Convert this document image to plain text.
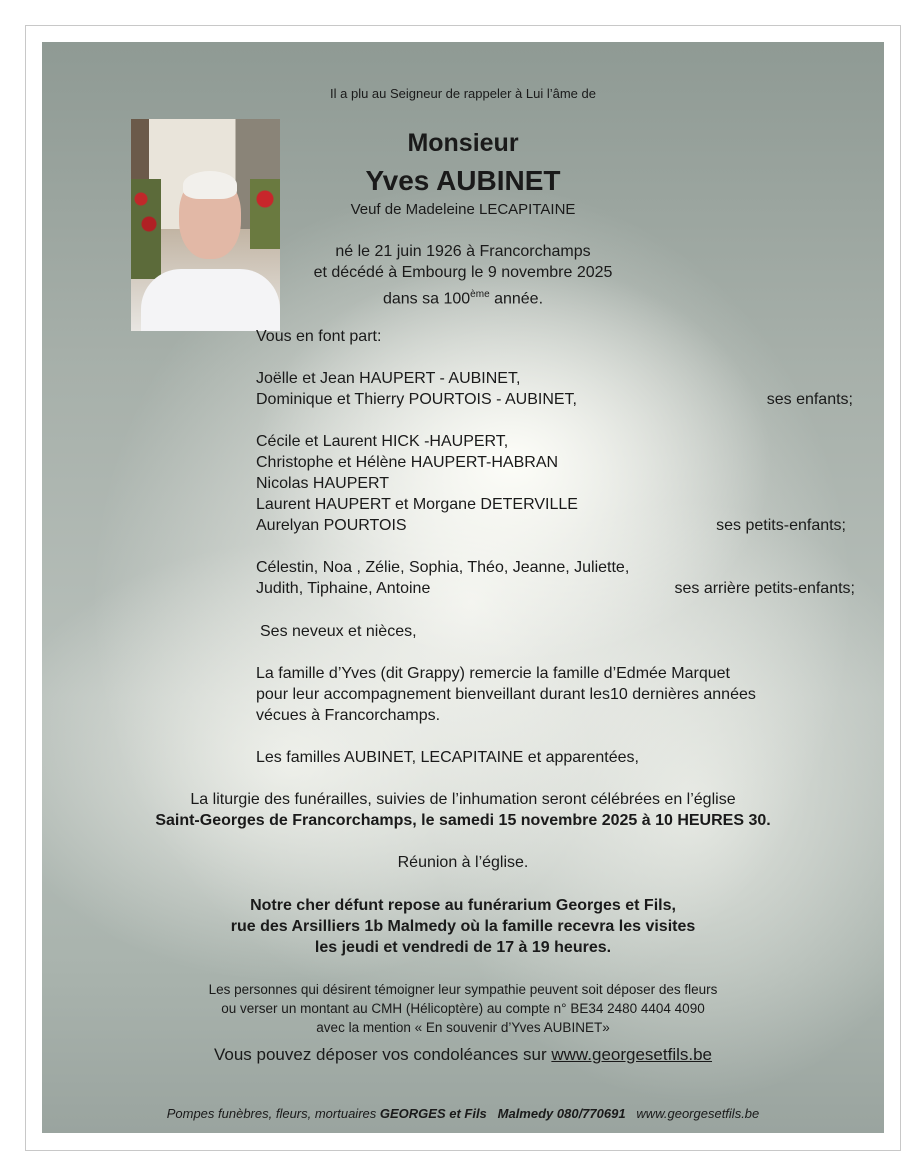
Il a plu au Seigneur de rappeler à Lui l’âme de
Monsieur
Yves AUBINET
Veuf de Madeleine LECAPITAINE
né le 21 juin 1926 à Francorchamps
et décédé à Embourg le 9 novembre 2025
dans sa 100ème année.
Vous en font part:
Joëlle et Jean HAUPERT - AUBINET,
Dominique et Thierry POURTOIS - AUBINET,	ses enfants;
Cécile et Laurent HICK -HAUPERT,
Christophe et Hélène HAUPERT-HABRAN
Nicolas HAUPERT
Laurent HAUPERT et Morgane DETERVILLE
Aurelyan POURTOIS	ses petits-enfants;
Célestin, Noa , Zélie, Sophia, Théo, Jeanne, Juliette,
Judith, Tiphaine, Antoine	ses arrière petits-enfants;
Ses neveux et nièces,
La famille d’Yves (dit Grappy) remercie la famille d’Edmée Marquet
pour leur accompagnement bienveillant durant les10 dernières années
vécues à Francorchamps.
Les familles AUBINET, LECAPITAINE et apparentées,
La liturgie des funérailles, suivies de l’inhumation seront célébrées en l’église
Saint-Georges de Francorchamps, le samedi 15 novembre 2025 à 10 HEURES 30.
Réunion à l’église.
Notre cher défunt repose au funérarium Georges et Fils,
rue des Arsilliers 1b Malmedy où la famille recevra les visites
les jeudi et vendredi de 17 à 19 heures.
Les personnes qui désirent témoigner leur sympathie peuvent soit déposer des fleurs
ou verser un montant au CMH (Hélicoptère) au compte n° BE34 2480 4404 4090
avec la mention « En souvenir d’Yves AUBINET»
Vous pouvez déposer vos condoléances sur www.georgesetfils.be
Pompes funèbres, fleurs, mortuaires GEORGES et Fils Malmedy 080/770691 www.georgesetfils.be
